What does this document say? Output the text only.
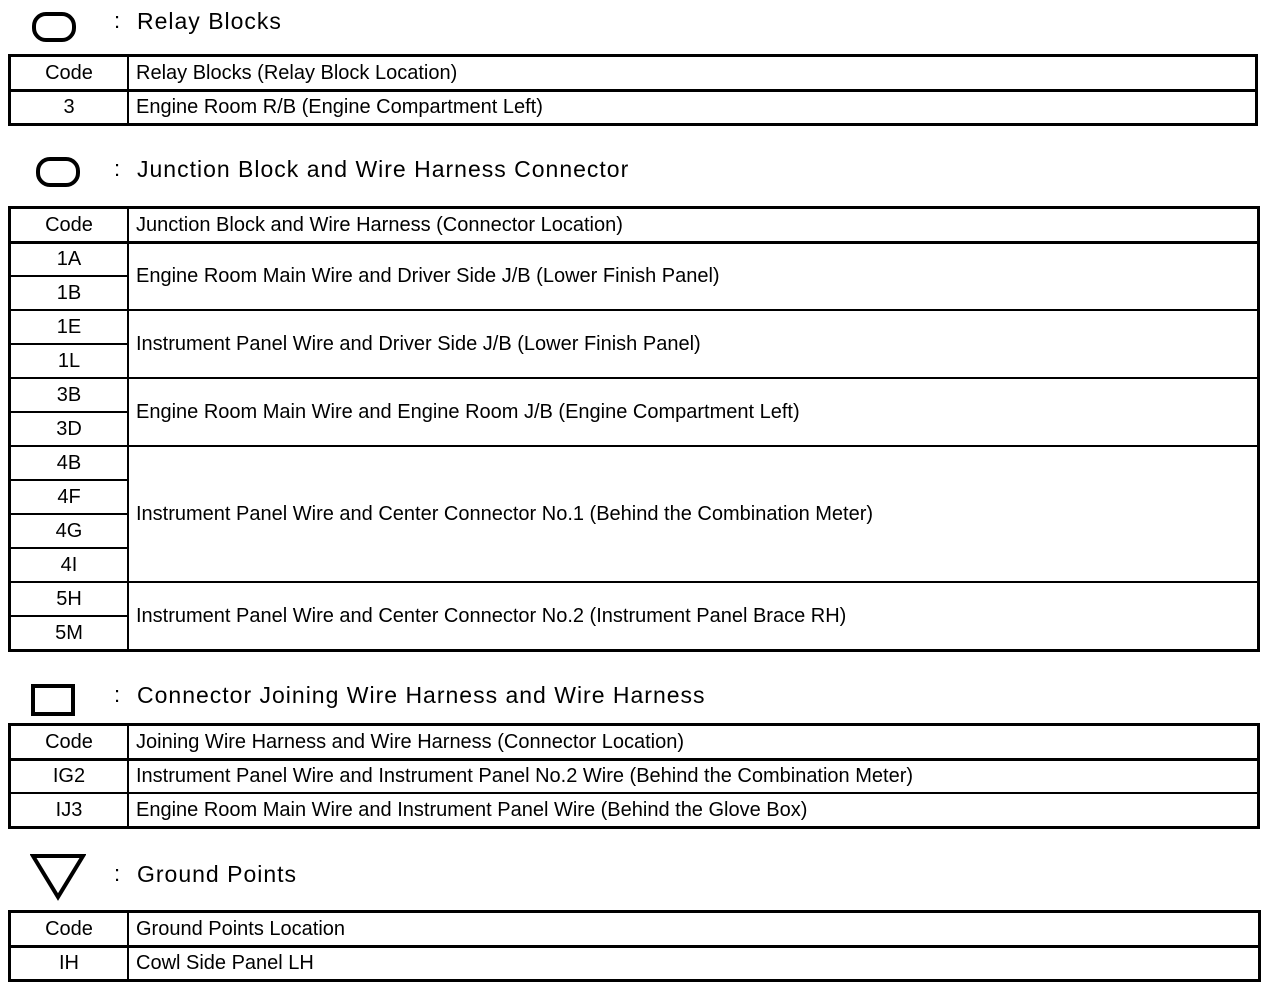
: Relay Blocks
Code	Relay Blocks (Relay Block Location)
3	Engine Room R/B (Engine Compartment Left)
: Junction Block and Wire Harness Connector
Code	Junction Block and Wire Harness (Connector Location)
1A	Engine Room Main Wire and Driver Side J/B (Lower Finish Panel)
1B	
1E	Instrument Panel Wire and Driver Side J/B (Lower Finish Panel)
1L	
3B	Engine Room Main Wire and Engine Room J/B (Engine Compartment Left)
3D	
4B	Instrument Panel Wire and Center Connector No.1 (Behind the Combination Meter)
4F	
4G	
4I	
5H	Instrument Panel Wire and Center Connector No.2 (Instrument Panel Brace RH)
5M	
: Connector Joining Wire Harness and Wire Harness
Code	Joining Wire Harness and Wire Harness (Connector Location)
IG2	Instrument Panel Wire and Instrument Panel No.2 Wire (Behind the Combination Meter)
IJ3	Engine Room Main Wire and Instrument Panel Wire (Behind the Glove Box)
: Ground Points
Code	Ground Points Location
IH	Cowl Side Panel LH
